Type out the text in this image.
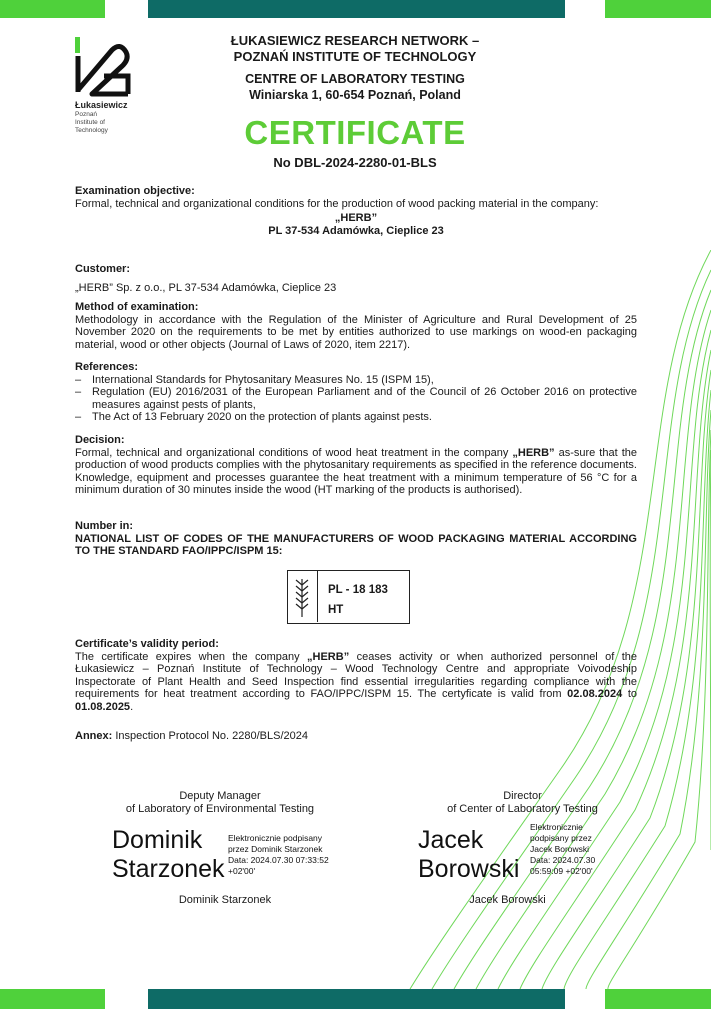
Łukasiewicz
Poznań
Institute of
Technology
ŁUKASIEWICZ RESEARCH NETWORK –
POZNAŃ INSTITUTE OF TECHNOLOGY
CENTRE OF LABORATORY TESTING
Winiarska 1, 60-654 Poznań, Poland
CERTIFICATE
No DBL-2024-2280-01-BLS
Examination objective:
Formal, technical and organizational conditions for the production of wood packing material in the company:
„HERB”
PL 37-534 Adamówka, Cieplice 23
Customer:
„HERB” Sp. z o.o., PL 37-534 Adamówka, Cieplice 23
Method of examination:
Methodology in accordance with the Regulation of the Minister of Agriculture and Rural Development of 25 November 2020 on the requirements to be met by entities authorized to use markings on wood-en packaging material, wood or other objects (Journal of Laws of 2020, item 2217).
References:
– International Standards for Phytosanitary Measures No. 15 (ISPM 15),
– Regulation (EU) 2016/2031 of the European Parliament and of the Council of 26 October 2016 on protective measures against pests of plants,
– The Act of 13 February 2020 on the protection of plants against pests.
Decision:
Formal, technical and organizational conditions of wood heat treatment in the company „HERB” as-sure that the production of wood products complies with the phytosanitary requirements as specified in the reference documents. Knowledge, equipment and processes guarantee the heat treatment with a minimum temperature of 56 °C for a minimum duration of 30 minutes inside the wood (HT marking of the products is authorised).
Number in:
NATIONAL LIST OF CODES OF THE MANUFACTURERS OF WOOD PACKAGING MATERIAL ACCORDING TO THE STANDARD FAO/IPPC/ISPM 15:
PL - 18 183
HT
Certificate’s validity period:
The certificate expires when the company „HERB” ceases activity or when authorized personnel of the Łukasiewicz – Poznań Institute of Technology – Wood Technology Centre and appropriate Voivodeship Inspectorate of Plant Health and Seed Inspection find essential irregularities regarding compliance with the requirements for heat treatment according to FAO/IPPC/ISPM 15. The certyficate is valid from 02.08.2024 to 01.08.2025.
Annex: Inspection Protocol No. 2280/BLS/2024
Deputy Manager
of Laboratory of Environmental Testing
Dominik
Starzonek
Elektronicznie podpisany
przez Dominik Starzonek
Data: 2024.07.30 07:33:52
+02'00'
Dominik Starzonek
Director
of Center of Laboratory Testing
Jacek
Borowski
Elektronicznie
podpisany przez
Jacek Borowski
Data: 2024.07.30
05:59:09 +02'00'
Jacek Borowski
